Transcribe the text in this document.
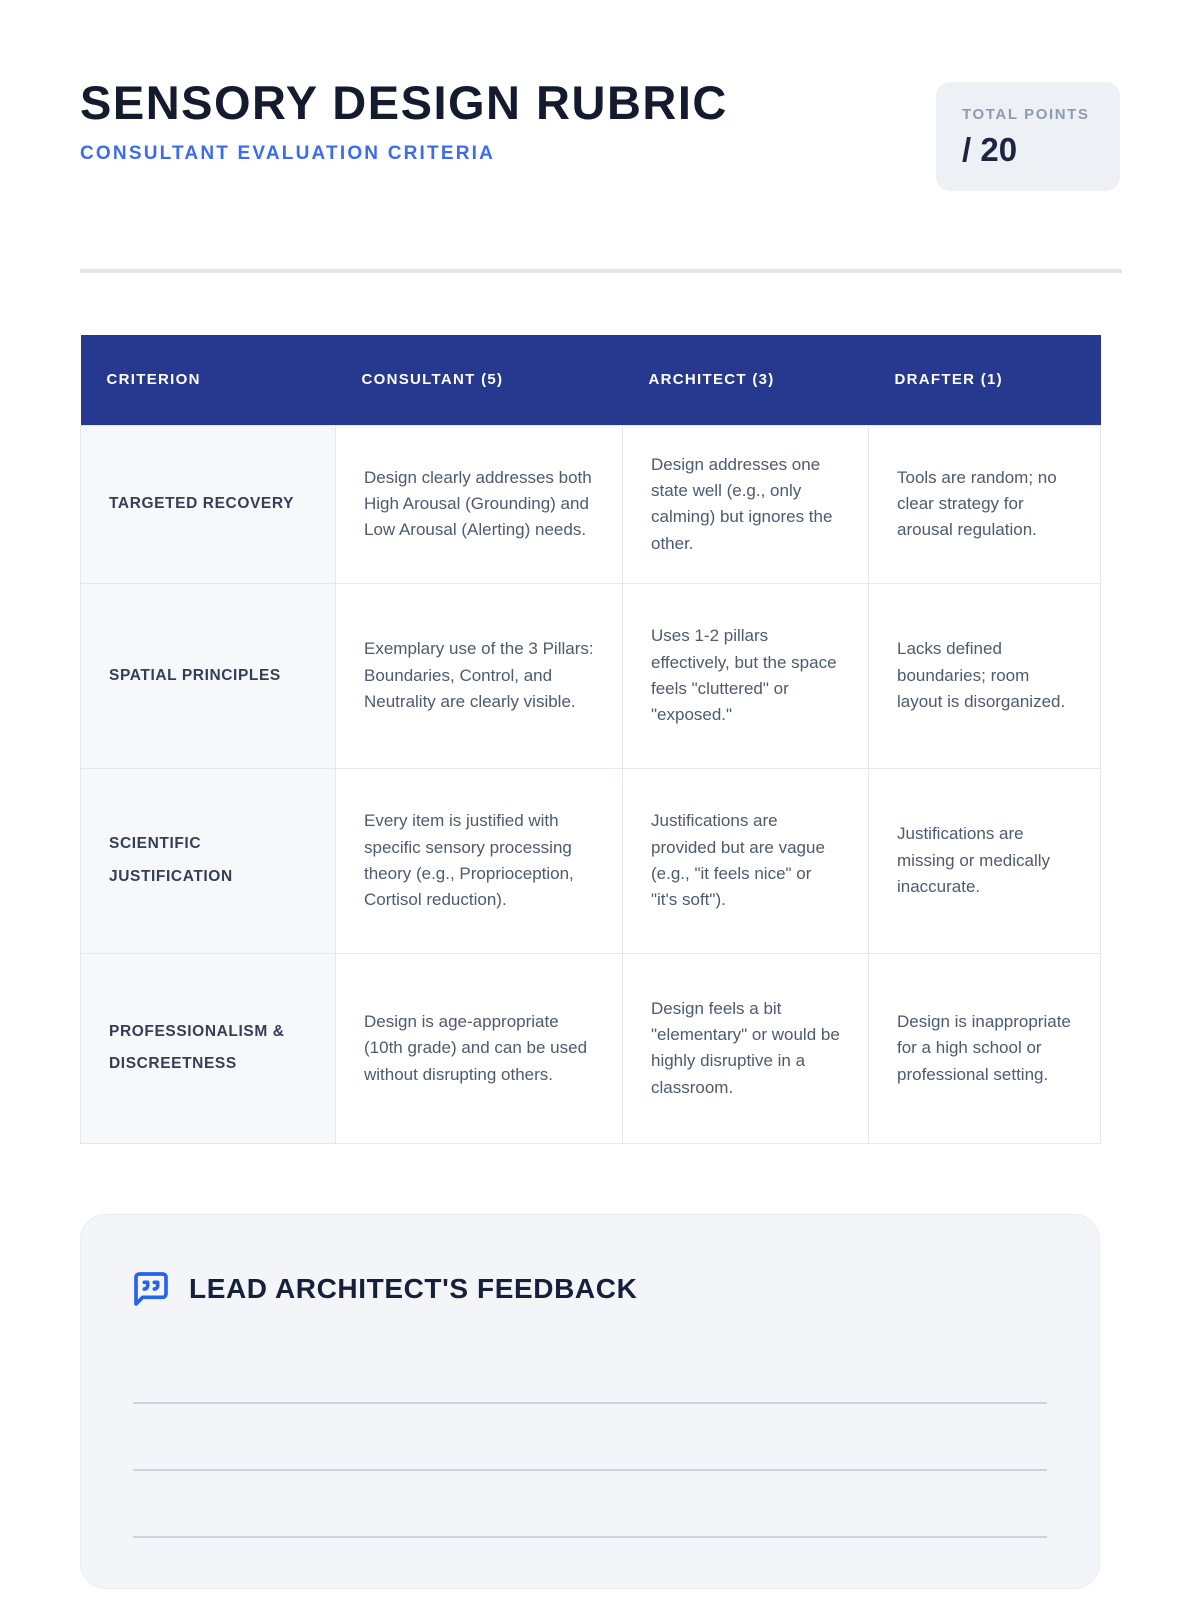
SENSORY DESIGN RUBRIC
CONSULTANT EVALUATION CRITERIA
TOTAL POINTS
/ 20
CRITERION	CONSULTANT (5)	ARCHITECT (3)	DRAFTER (1)
TARGETED RECOVERY	Design clearly addresses both High Arousal (Grounding) and Low Arousal (Alerting) needs.	Design addresses one state well (e.g., only calming) but ignores the other.	Tools are random; no clear strategy for arousal regulation.
SPATIAL PRINCIPLES	Exemplary use of the 3 Pillars: Boundaries, Control, and Neutrality are clearly visible.	Uses 1-2 pillars effectively, but the space feels "cluttered" or "exposed."	Lacks defined boundaries; room layout is disorganized.
SCIENTIFIC JUSTIFICATION	Every item is justified with specific sensory processing theory (e.g., Proprioception, Cortisol reduction).	Justifications are provided but are vague (e.g., "it feels nice" or "it's soft").	Justifications are missing or medically inaccurate.
PROFESSIONALISM & DISCREETNESS	Design is age-appropriate (10th grade) and can be used without disrupting others.	Design feels a bit "elementary" or would be highly disruptive in a classroom.	Design is inappropriate for a high school or professional setting.
LEAD ARCHITECT'S FEEDBACK
